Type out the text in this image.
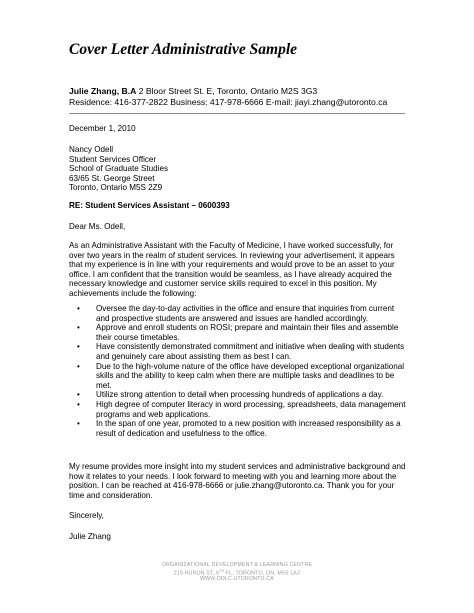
Cover Letter Administrative Sample
Julie Zhang, B.A 2 Bloor Street St. E, Toronto, Ontario M2S 3G3
Residence: 416-377-2822 Business: 417-978-6666 E-mail: jiayi.zhang@utoronto.ca
December 1, 2010
Nancy Odell
Student Services Officer
School of Graduate Studies
63/65 St. George Street
Toronto, Ontario M5S 2Z9
RE: Student Services Assistant – 0600393
Dear Ms. Odell,
As an Administrative Assistant with the Faculty of Medicine, I have worked successfully, for over two years in the realm of student services. In reviewing your advertisement, it appears that my experience is in line with your requirements and would prove to be an asset to your office. I am confident that the transition would be seamless, as I have already acquired the necessary knowledge and customer service skills required to excel in this position. My achievements include the following:
• Oversee the day-to-day activities in the office and ensure that inquiries from current and prospective students are answered and issues are handled accordingly.
• Approve and enroll students on ROSI; prepare and maintain their files and assemble their course timetables.
• Have consistently demonstrated commitment and initiative when dealing with students and genuinely care about assisting them as best I can.
• Due to the high-volume nature of the office have developed exceptional organizational skills and the ability to keep calm when there are multiple tasks and deadlines to be met.
• Utilize strong attention to detail when processing hundreds of applications a day.
• High degree of computer literacy in word processing, spreadsheets, data management programs and web applications.
• In the span of one year, promoted to a new position with increased responsibility as a result of dedication and usefulness to the office.
My resume provides more insight into my student services and administrative background and how it relates to your needs. I look forward to meeting with you and learning more about the position. I can be reached at 416-978-6666 or julie.zhang@utoronto.ca. Thank you for your time and consideration.
Sincerely,
Julie Zhang
ORGANIZATIONAL DEVELOPMENT & LEARNING CENTRE
215 HURON ST, 6TH FL, TORONTO, ON, M5S 1A2
WWW.ODLC.UTORONTO.CA
